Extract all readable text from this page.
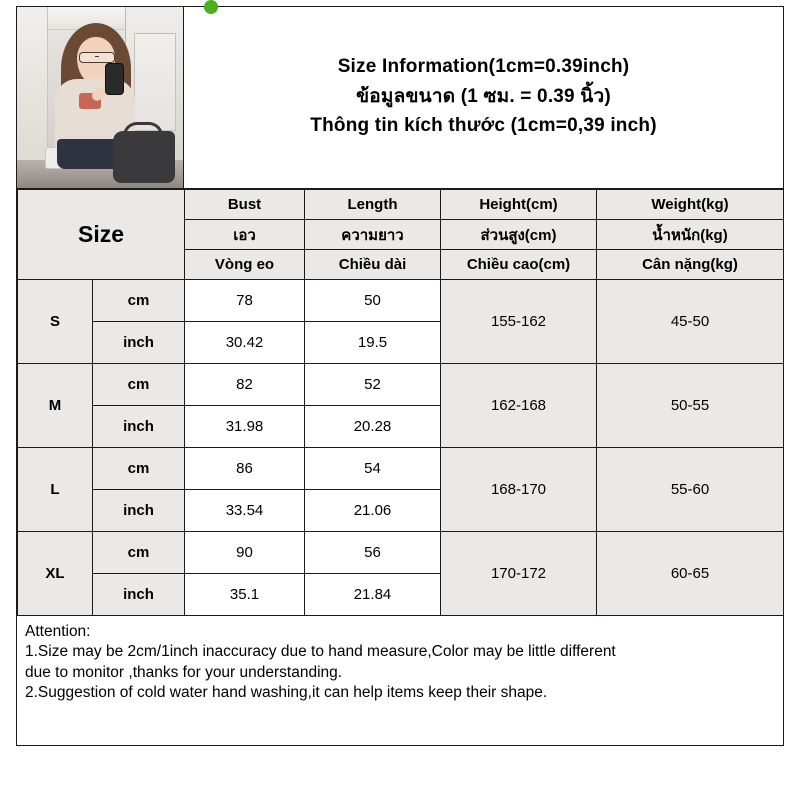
Size Information(1cm=0.39inch)
ข้อมูลขนาด (1 ซม. = 0.39 นิ้ว)
Thông tin kích thước (1cm=0,39 inch)
Size		Bust	Length	Height(cm)	Weight(kg)
		เอว	ความยาว	ส่วนสูง(cm)	น้ำหนัก(kg)
		Vòng eo	Chiều dài	Chiều cao(cm)	Cân nặng(kg)
S	cm	78	50	155-162	45-50
	inch	30.42	19.5		
M	cm	82	52	162-168	50-55
	inch	31.98	20.28		
L	cm	86	54	168-170	55-60
	inch	33.54	21.06		
XL	cm	90	56	170-172	60-65
	inch	35.1	21.84		
Attention:
1.Size may be 2cm/1inch inaccuracy due to hand measure,Color may be little different
due to monitor ,thanks for your understanding.
2.Suggestion of cold water hand washing,it can help items keep their shape.
